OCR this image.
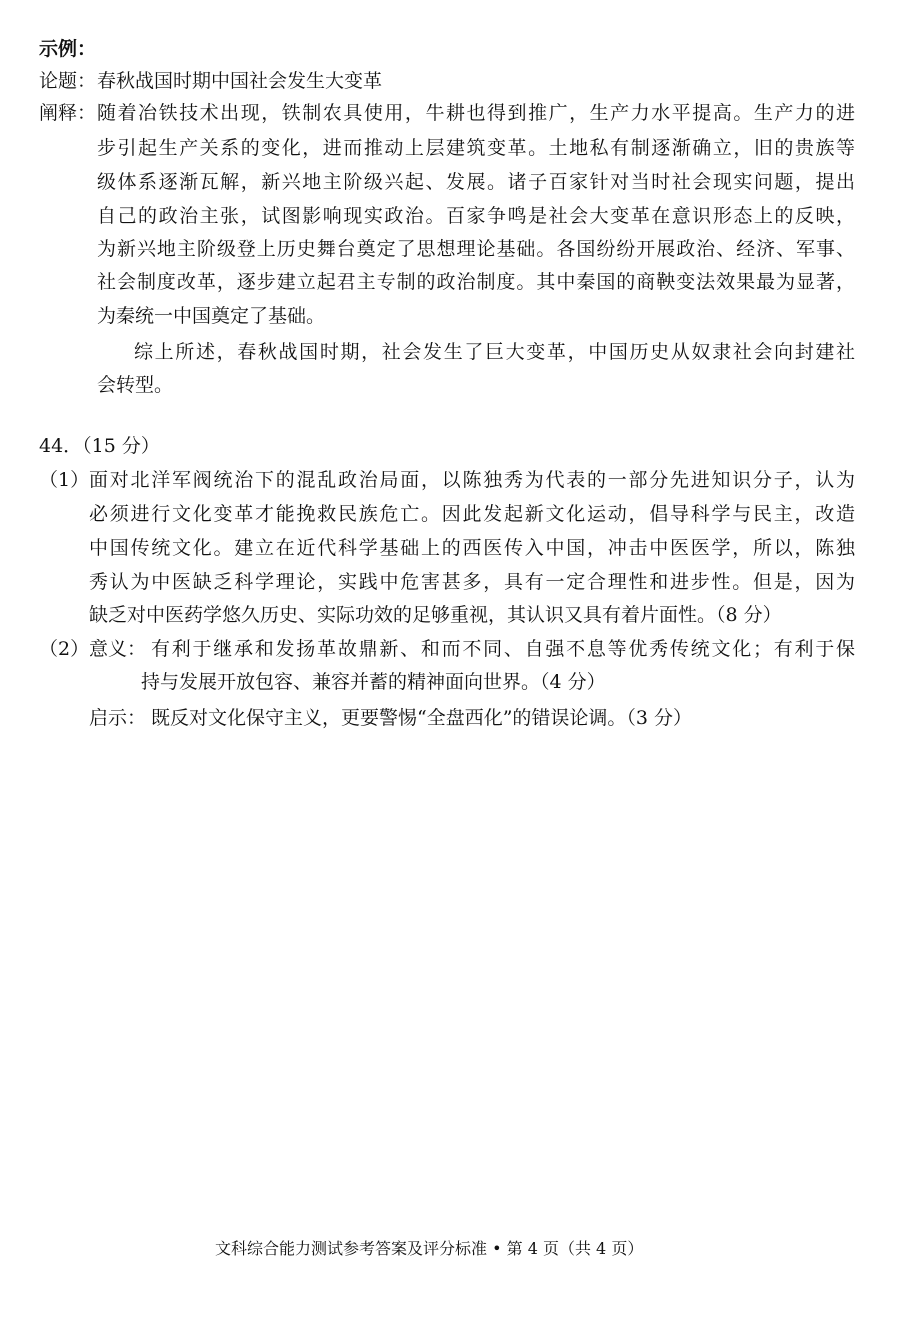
示例：
论题： 春秋战国时期中国社会发生大变革
阐释： 随着冶铁技术出现，铁制农具使用，牛耕也得到推广，生产力水平提高。生产力的进
步引起生产关系的变化，进而推动上层建筑变革。土地私有制逐渐确立，旧的贵族等
级体系逐渐瓦解，新兴地主阶级兴起、发展。诸子百家针对当时社会现实问题，提出
自己的政治主张，试图影响现实政治。百家争鸣是社会大变革在意识形态上的反映，
为新兴地主阶级登上历史舞台奠定了思想理论基础。各国纷纷开展政治、经济、军事、
社会制度改革，逐步建立起君主专制的政治制度。其中秦国的商鞅变法效果最为显著，
为秦统一中国奠定了基础。
综上所述，春秋战国时期，社会发生了巨大变革，中国历史从奴隶社会向封建社
会转型。
44．（15 分）
（1） 面对北洋军阀统治下的混乱政治局面，以陈独秀为代表的一部分先进知识分子，认为
必须进行文化变革才能挽救民族危亡。因此发起新文化运动，倡导科学与民主，改造
中国传统文化。建立在近代科学基础上的西医传入中国，冲击中医医学，所以，陈独
秀认为中医缺乏科学理论，实践中危害甚多，具有一定合理性和进步性。但是，因为
缺乏对中医药学悠久历史、实际功效的足够重视，其认识又具有着片面性。（8 分）
（2） 意义： 有利于继承和发扬革故鼎新、和而不同、自强不息等优秀传统文化；有利于保
持与发展开放包容、兼容并蓄的精神面向世界。（4 分）
启示： 既反对文化保守主义，更要警惕“全盘西化”的错误论调。（3 分）
文科综合能力测试参考答案及评分标准 • 第 4 页（共 4 页）
